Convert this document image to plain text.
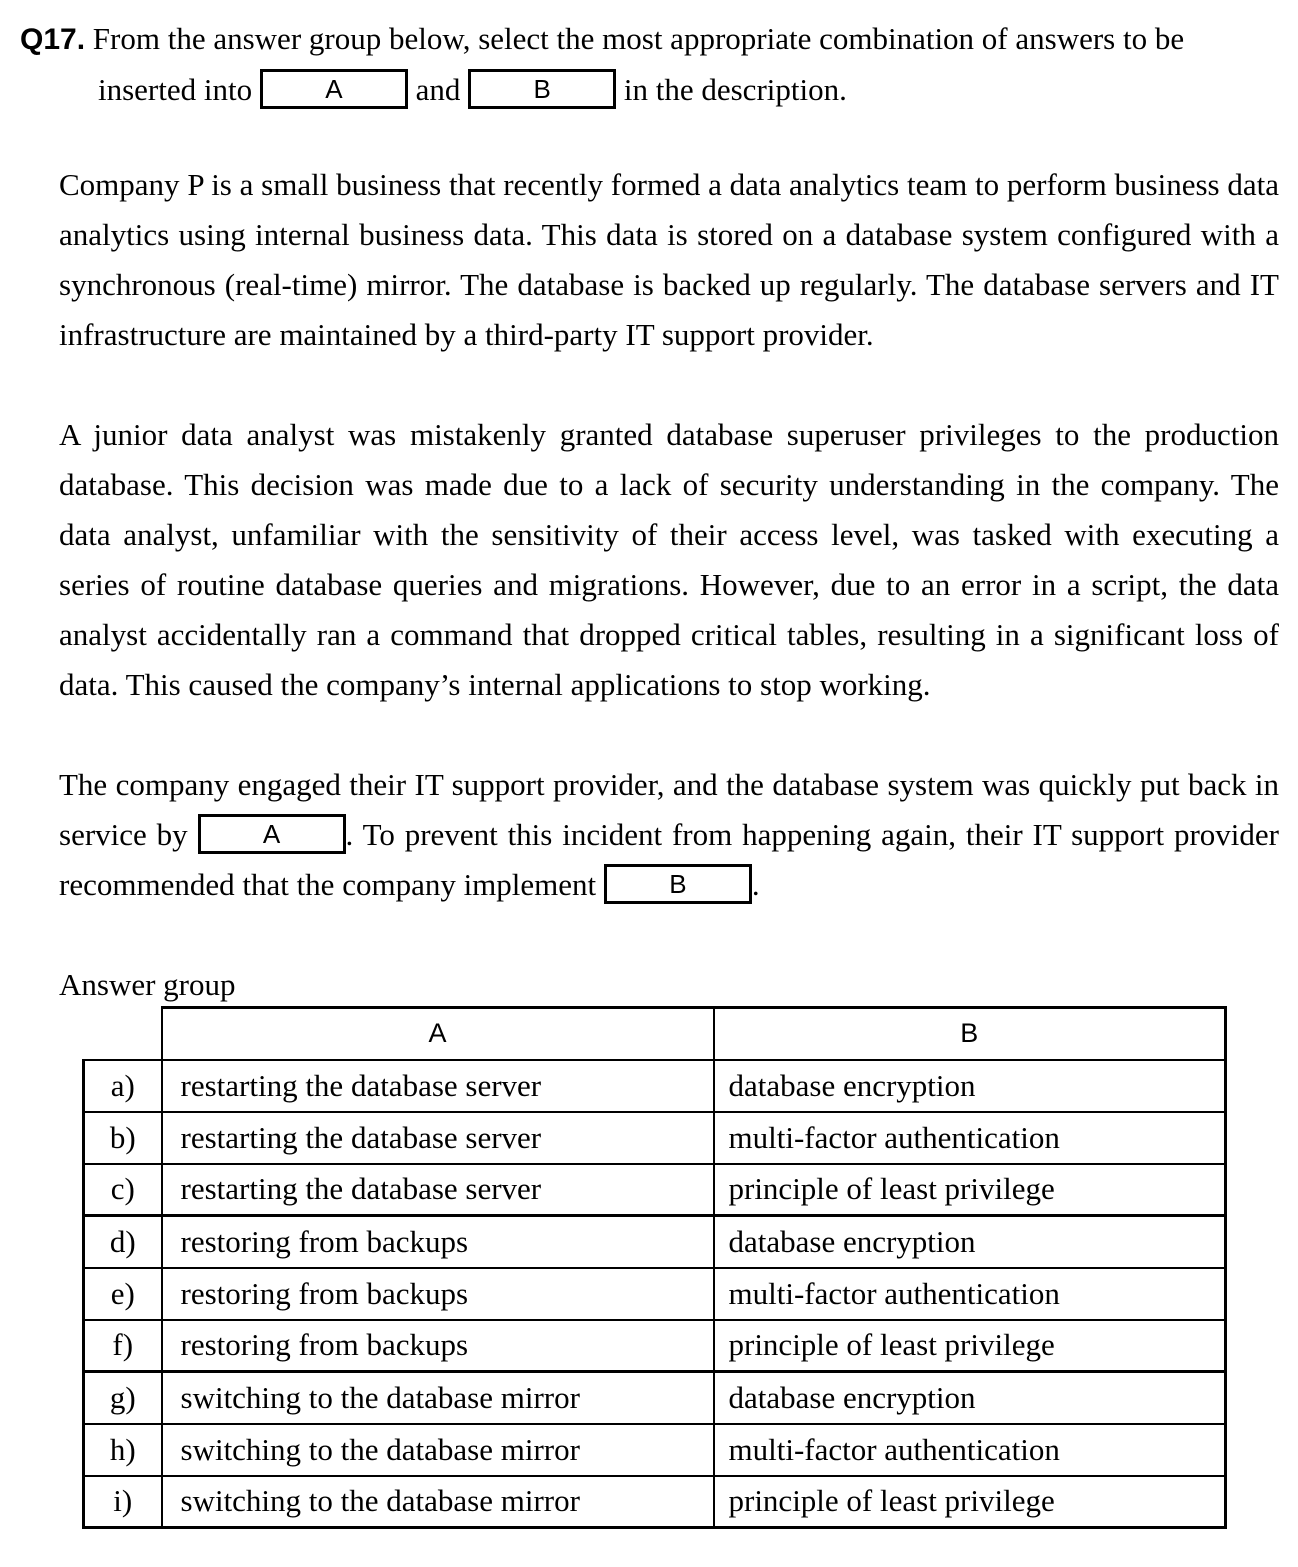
Q17. From the answer group below, select the most appropriate combination of answers to be
inserted into	A and	B in the description.
Company P is a small business that recently formed a data analytics team to perform business data analytics using internal business data. This data is stored on a database system configured with a synchronous (real-time) mirror. The database is backed up regularly. The database servers and IT infrastructure are maintained by a third-party IT support provider.
A junior data analyst was mistakenly granted database superuser privileges to the production database. This decision was made due to a lack of security understanding in the company. The data analyst, unfamiliar with the sensitivity of their access level, was tasked with executing a series of routine database queries and migrations. However, due to an error in a script, the data analyst accidentally ran a command that dropped critical tables, resulting in a significant loss of data. This caused the company’s internal applications to stop working.
The company engaged their IT support provider, and the database system was quickly put back in service by	A . To prevent this incident from happening again, their IT support provider recommended that the company implement	B .
Answer group
	A	B
a)	restarting the database server	database encryption
b)	restarting the database server	multi-factor authentication
c)	restarting the database server	principle of least privilege
d)	restoring from backups	database encryption
e)	restoring from backups	multi-factor authentication
f)	restoring from backups	principle of least privilege
g)	switching to the database mirror	database encryption
h)	switching to the database mirror	multi-factor authentication
i)	switching to the database mirror	principle of least privilege
